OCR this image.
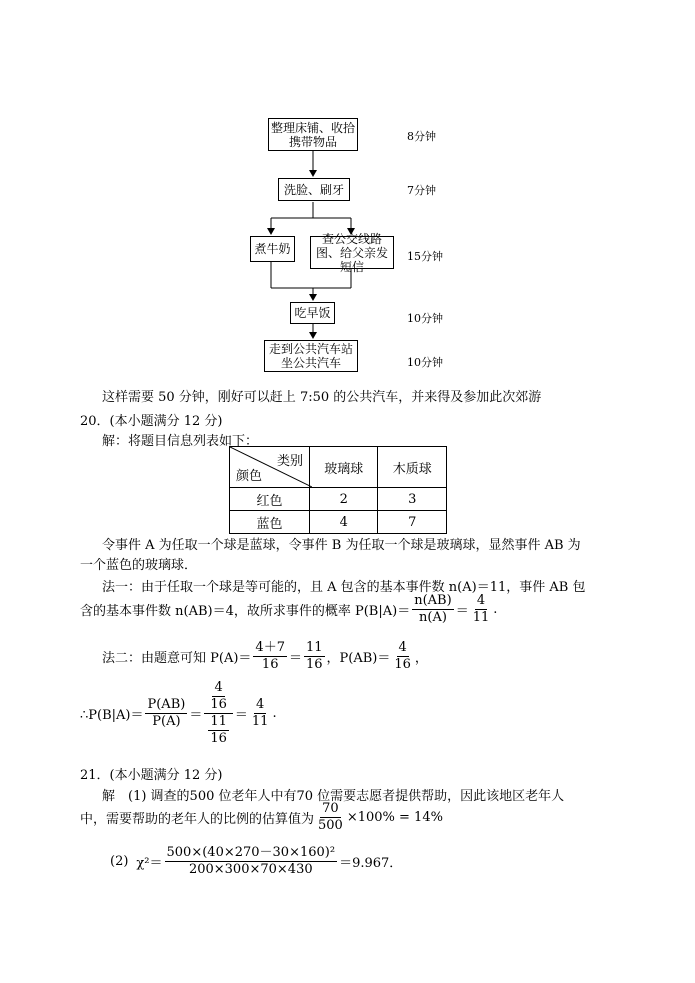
整理床铺、收拾携带物品	8分钟
洗脸、刷牙	7分钟
煮牛奶
查公交线路图、给父亲发短信
15分钟
吃早饭	10分钟
走到公共汽车站坐公共汽车	10分钟
这样需要 50 分钟，刚好可以赶上 7:50 的公共汽车，并来得及参加此次郊游
20．(本小题满分 12 分)
解：将题目信息列表如下：
类别
颜色	玻璃球	木质球
红色	2	3
蓝色	4	7
令事件 A 为任取一个球是蓝球，令事件 B 为任取一个球是玻璃球，显然事件 AB 为
一个蓝色的玻璃球．
法一：由于任取一个球是等可能的，且 A 包含的基本事件数 n(A)＝11，事件 AB 包
含的基本事件数 n(AB)＝4，故所求事件的概率 $P(B|A)= \frac{n(AB)}{n(A)} = \frac{4}{11}$ .
法二：由题意可知 $P(A)= \frac{4+7}{16} = \frac{11}{16}$ ，$P(AB)= \frac{4}{16}$ ，
∴P(B|A)＝ $\frac{P(AB)}{P(A)} = \frac{\frac{4}{16}}{\frac{11}{16}} = \frac{4}{11}$ .
21．(本小题满分 12 分)
解　(1) 调查的500 位老年人中有70 位需要志愿者提供帮助，因此该地区老年人
中，需要帮助的老年人的比例的估算值为 $\frac{70}{500} \times 100\% = 14\%$
(2) $\chi^2= \frac{\text{500×(40×270－30×160)²}}{200\times 300\times 70\times 430} =9.967$．
